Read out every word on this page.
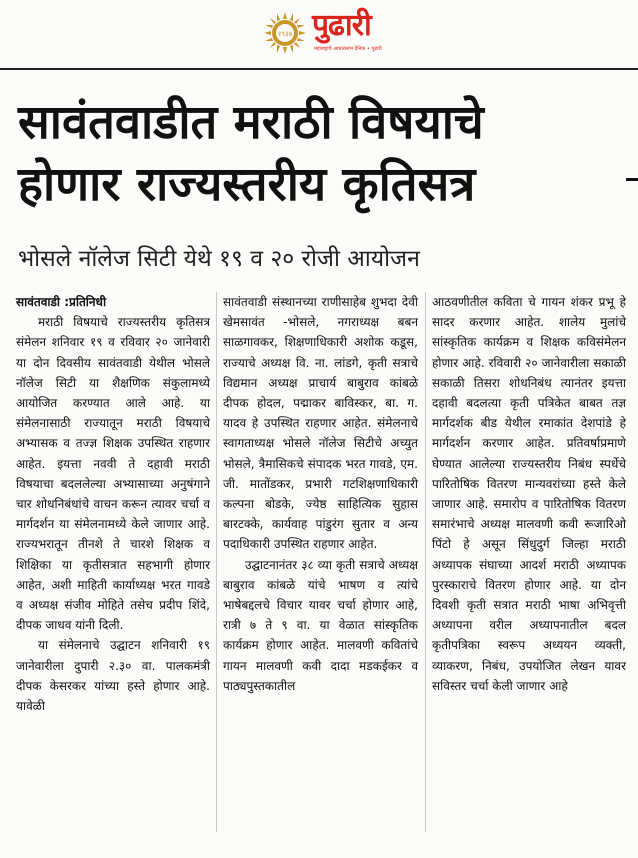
१९३७ पुढारी
महाराष्ट्राचे आधारस्तंभ दैनिक • पुढारी
सावंतवाडीत मराठी विषयाचे
होणार राज्यस्तरीय कृतिसत्र
भोसले नॉलेज सिटी येथे १९ व २० रोजी आयोजन

सावंतवाडी :प्रतिनिधी

मराठी विषयाचे राज्यस्तरीय कृतिसत्र संमेलन शनिवार १९ व रविवार २० जानेवारी या दोन दिवसीय सावंतवाडी येथील भोसले नॉलेज सिटी या शैक्षणिक संकुलामध्ये आयोजित करण्यात आले आहे. या संमेलनासाठी राज्यातून मराठी विषयाचे अभ्यासक व तज्ज्ञ शिक्षक उपस्थित राहणार आहेत. इयत्ता नववी ते दहावी मराठी विषयाचा बदललेल्या अभ्यासाच्या अनुषंगाने चार शोधनिबंधांचे वाचन करून त्यावर चर्चा व मार्गदर्शन या संमेलनामध्ये केले जाणार आहे. राज्यभरातून तीनशे ते चारशे शिक्षक व शिक्षिका या कृतीसत्रात सहभागी होणार आहेत, अशी माहिती कार्याध्यक्ष भरत गावडे व अध्यक्ष संजीव मोहिते तसेच प्रदीप शिंदे, दीपक जाधव यांनी दिली.

या संमेलनाचे उद्घाटन शनिवारी १९ जानेवारीला दुपारी २.३० वा. पालकमंत्री दीपक केसरकर यांच्या हस्ते होणार आहे. यावेळी

सावंतवाडी संस्थानच्या राणीसाहेब शुभदा देवी खेमसावंत -भोसले, नगराध्यक्ष बबन साळगावकर, शिक्षणाधिकारी अशोक कडूस, राज्याचे अध्यक्ष वि. ना. लांडगे, कृती सत्राचे विद्यमान अध्यक्ष प्राचार्य बाबुराव कांबळे दीपक होदल, पद्माकर बाविस्कर, बा. ग. यादव हे उपस्थित राहणार आहेत. संमेलनाचे स्वागताध्यक्ष भोसले नॉलेज सिटीचे अच्युत भोसले, त्रैमासिकचे संपादक भरत गावडे, एम. जी. मातोंडकर, प्रभारी गटशिक्षणाधिकारी कल्पना बोडके, ज्येष्ठ साहित्यिक सुहास बारटक्के, कार्यवाह पांडुरंग सुतार व अन्य पदाधिकारी उपस्थित राहणार आहेत.

उद्घाटनानंतर ३८ व्या कृती सत्राचे अध्यक्ष बाबुराव कांबळे यांचे भाषण व त्यांचे भाषेबद्दलचे विचार यावर चर्चा होणार आहे, रात्री ७ ते ९ वा. या वेळात सांस्कृतिक कार्यक्रम होणार आहेत. मालवणी कवितांचे गायन मालवणी कवी दादा मडकईकर व पाठ्यपुस्तकातील

आठवणीतील कविता चे गायन शंकर प्रभू हे सादर करणार आहेत. शालेय मुलांचे सांस्कृतिक कार्यक्रम व शिक्षक कविसंमेलन होणार आहे. रविवारी २० जानेवारीला सकाळी सकाळी तिसरा शोधनिबंध त्यानंतर इयत्ता दहावी बदलत्या कृती पत्रिकेत बाबत तज्ञ मार्गदर्शक बीड येथील रमाकांत देशपांडे हे मार्गदर्शन करणार आहेत. प्रतिवर्षाप्रमाणे घेण्यात आलेल्या राज्यस्तरीय निबंध स्पर्धेचे पारितोषिक वितरण मान्यवरांच्या हस्ते केले जाणार आहे. समारोप व पारितोषिक वितरण समारंभाचे अध्यक्ष मालवणी कवी रूजारिओ पिंटो हे असून सिंधुदुर्ग जिल्हा मराठी अध्यापक संघाच्या आदर्श मराठी अध्यापक पुरस्काराचे वितरण होणार आहे. या दोन दिवशी कृती सत्रात मराठी भाषा अभिवृत्ती अध्यापना वरील अध्यापनातील बदल कृतीपत्रिका स्वरूप अध्ययन व्यक्ती, व्याकरण, निबंध, उपयोजित लेखन यावर सविस्तर चर्चा केली जाणार आहे
